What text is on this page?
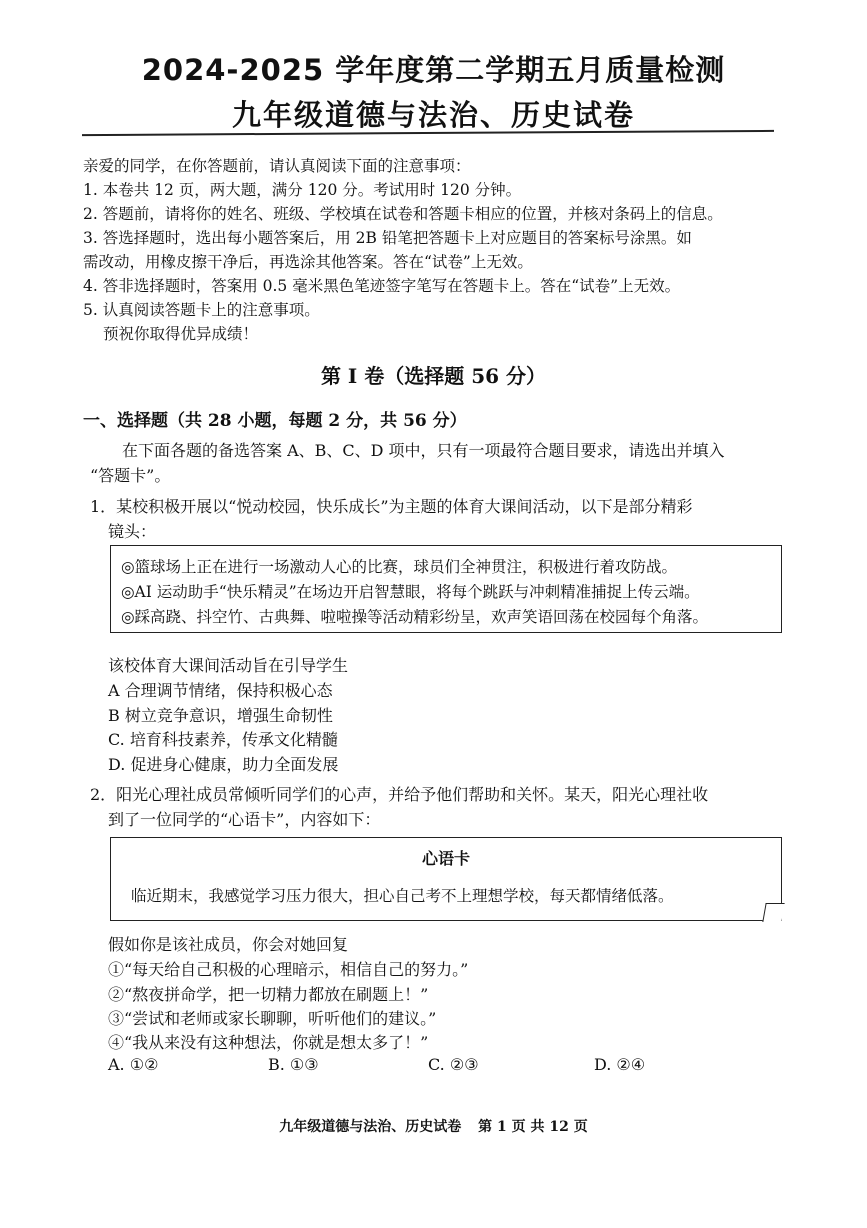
2024-2025 学年度第二学期五月质量检测
九年级道德与法治、历史试卷
亲爱的同学，在你答题前，请认真阅读下面的注意事项：
1. 本卷共 12 页，两大题，满分 120 分。考试用时 120 分钟。
2. 答题前，请将你的姓名、班级、学校填在试卷和答题卡相应的位置，并核对条码上的信息。
3. 答选择题时，选出每小题答案后，用 2B 铅笔把答题卡上对应题目的答案标号涂黑。如
需改动，用橡皮擦干净后，再选涂其他答案。答在“试卷”上无效。
4. 答非选择题时，答案用 0.5 毫米黑色笔迹签字笔写在答题卡上。答在“试卷”上无效。
5. 认真阅读答题卡上的注意事项。
预祝你取得优异成绩！
第 I 卷（选择题 56 分）
一、选择题（共 28 小题，每题 2 分，共 56 分）
在下面各题的备选答案 A、B、C、D 项中，只有一项最符合题目要求，请选出并填入
“答题卡”。
1．某校积极开展以“悦动校园，快乐成长”为主题的体育大课间活动，以下是部分精彩
镜头：
◎篮球场上正在进行一场激动人心的比赛，球员们全神贯注，积极进行着攻防战。
◎AI 运动助手“快乐精灵”在场边开启智慧眼，将每个跳跃与冲刺精准捕捉上传云端。
◎踩高跷、抖空竹、古典舞、啦啦操等活动精彩纷呈，欢声笑语回荡在校园每个角落。
该校体育大课间活动旨在引导学生
A 合理调节情绪，保持积极心态
B 树立竞争意识，增强生命韧性
C. 培育科技素养，传承文化精髓
D. 促进身心健康，助力全面发展
2．阳光心理社成员常倾听同学们的心声，并给予他们帮助和关怀。某天，阳光心理社收
到了一位同学的“心语卡”，内容如下：
心语卡
临近期末，我感觉学习压力很大，担心自己考不上理想学校，每天都情绪低落。
假如你是该社成员，你会对她回复
①“每天给自己积极的心理暗示，相信自己的努力。”
②“熬夜拼命学，把一切精力都放在刷题上！”
③“尝试和老师或家长聊聊，听听他们的建议。”
④“我从来没有这种想法，你就是想太多了！”
A. ①②	B. ①③	C. ②③	D. ②④
九年级道德与法治、历史试卷 第 1 页 共 12 页
